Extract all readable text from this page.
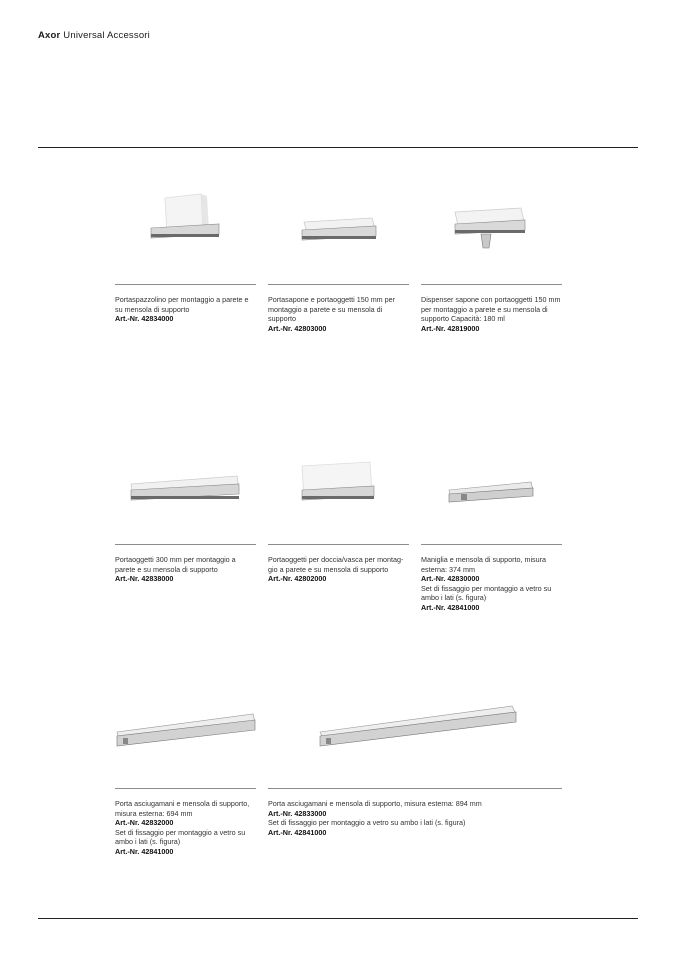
Axor Universal Accessori

Portaspazzolino per montaggio a parete e su mensola di supporto

Art.-Nr. 42834000

Portasapone e portaoggetti 150 mm per montaggio a parete e su mensola di supporto

Art.-Nr. 42803000

Dispenser sapone con portaoggetti 150 mm per montaggio a parete e su mensola di supporto Capacità: 180 ml

Art.-Nr. 42819000

Portaoggetti 300 mm per montaggio a parete e su mensola di supporto

Art.-Nr. 42838000

Portaoggetti per doccia/vasca per montag-gio a parete e su mensola di supporto

Art.-Nr. 42802000

Maniglia e mensola di supporto, misura esterna: 374 mm

Art.-Nr. 42830000

Set di fissaggio per montaggio a vetro su ambo i lati (s. figura)

Art.-Nr. 42841000

Porta asciugamani e mensola di supporto, misura esterna: 694 mm

Art.-Nr. 42832000

Set di fissaggio per montaggio a vetro su ambo i lati (s. figura)

Art.-Nr. 42841000

Porta asciugamani e mensola di supporto, misura esterna: 894 mm

Art.-Nr. 42833000

Set di fissaggio per montaggio a vetro su ambo i lati (s. figura)

Art.-Nr. 42841000
